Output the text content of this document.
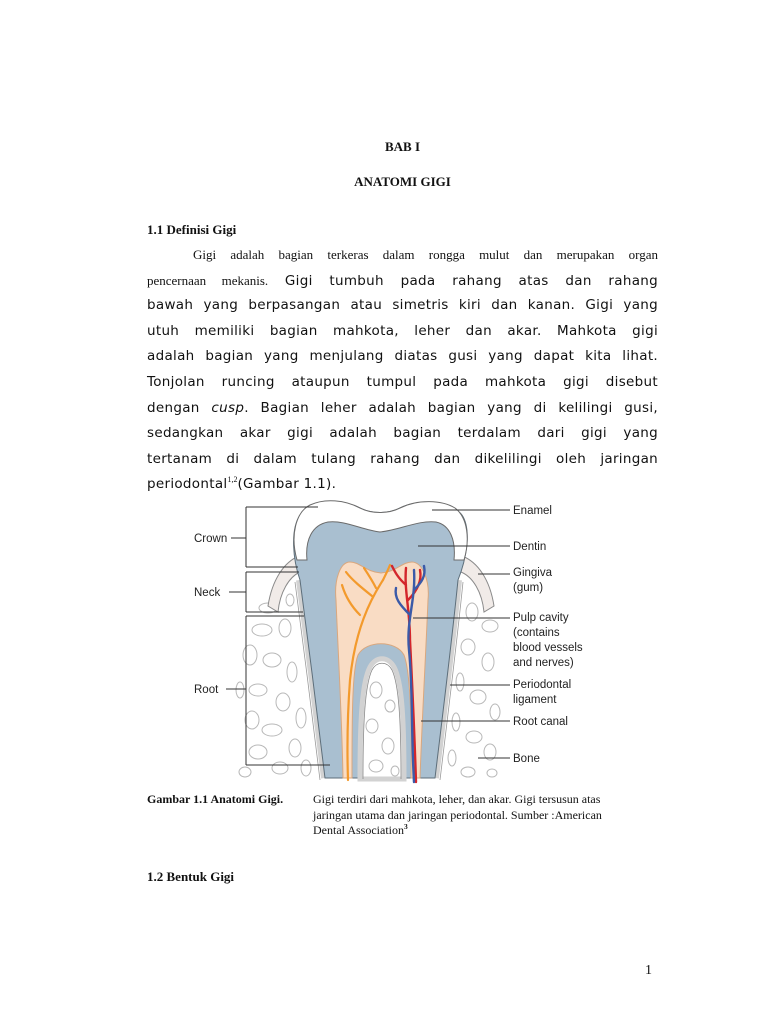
BAB I
ANATOMI GIGI
1.1 Definisi Gigi
Gigi adalah bagian terkeras dalam rongga mulut dan merupakan organ
pencernaan mekanis. Gigi tumbuh pada rahang atas dan rahang
bawah yang berpasangan atau simetris kiri dan kanan. Gigi yang
utuh memiliki bagian mahkota, leher dan akar. Mahkota gigi
adalah bagian yang menjulang diatas gusi yang dapat kita lihat.
Tonjolan runcing ataupun tumpul pada mahkota gigi disebut
dengan cusp. Bagian leher adalah bagian yang di kelilingi gusi,
sedangkan akar gigi adalah bagian terdalam dari gigi yang
tertanam di dalam tulang rahang dan dikelilingi oleh jaringan
periodontal$^{1,2}$(Gambar 1.1).
Crown
Neck
Root
Enamel
Dentin
Gingiva
(gum)
Pulp cavity
(contains
blood vessels
and nerves)
Periodontal
ligament
Root canal
Bone
Gambar 1.1 Anatomi Gigi. Gigi terdiri dari mahkota, leher, dan akar. Gigi tersusun atas
jaringan utama dan jaringan periodontal. Sumber :American
Dental Association$^3$
1.2 Bentuk Gigi
1
